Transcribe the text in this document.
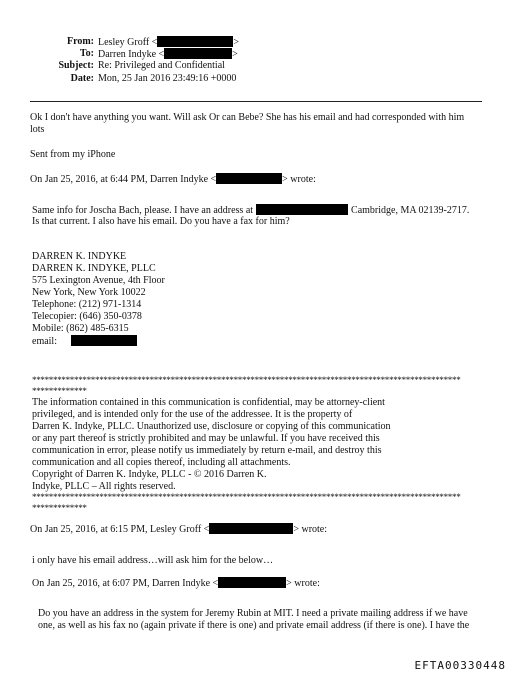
From: Lesley Groff <	>
To: Darren Indyke <	>
Subject: Re: Privileged and Confidential
Date: Mon, 25 Jan 2016 23:49:16 +0000
Ok I don't have anything you want. Will ask Or can Bebe? She has his email and had corresponded with him
lots
Sent from my iPhone
On Jan 25, 2016, at 6:44 PM, Darren Indyke <	> wrote:
Same info for Joscha Bach, please. I have an address at	Cambridge, MA 02139-2717.
Is that current. I also have his email. Do you have a fax for him?
DARREN K. INDYKE
DARREN K. INDYKE, PLLC
575 Lexington Avenue, 4th Floor
New York, New York 10022
Telephone: (212) 971-1314
Telecopier: (646) 350-0378
Mobile: (862) 485-6315
email:
******************************************************************************************************
*************
The information contained in this communication is confidential, may be attorney-client
privileged, and is intended only for the use of the addressee. It is the property of
Darren K. Indyke, PLLC. Unauthorized use, disclosure or copying of this communication
or any part thereof is strictly prohibited and may be unlawful. If you have received this
communication in error, please notify us immediately by return e-mail, and destroy this
communication and all copies thereof, including all attachments.
Copyright of Darren K. Indyke, PLLC - © 2016 Darren K.
Indyke, PLLC – All rights reserved.
******************************************************************************************************
*************
On Jan 25, 2016, at 6:15 PM, Lesley Groff <	> wrote:
i only have his email address…will ask him for the below…
On Jan 25, 2016, at 6:07 PM, Darren Indyke <	> wrote:
Do you have an address in the system for Jeremy Rubin at MIT. I need a private mailing address if we have
one, as well as his fax no (again private if there is one) and private email address (if there is one). I have the
EFTA00330448
